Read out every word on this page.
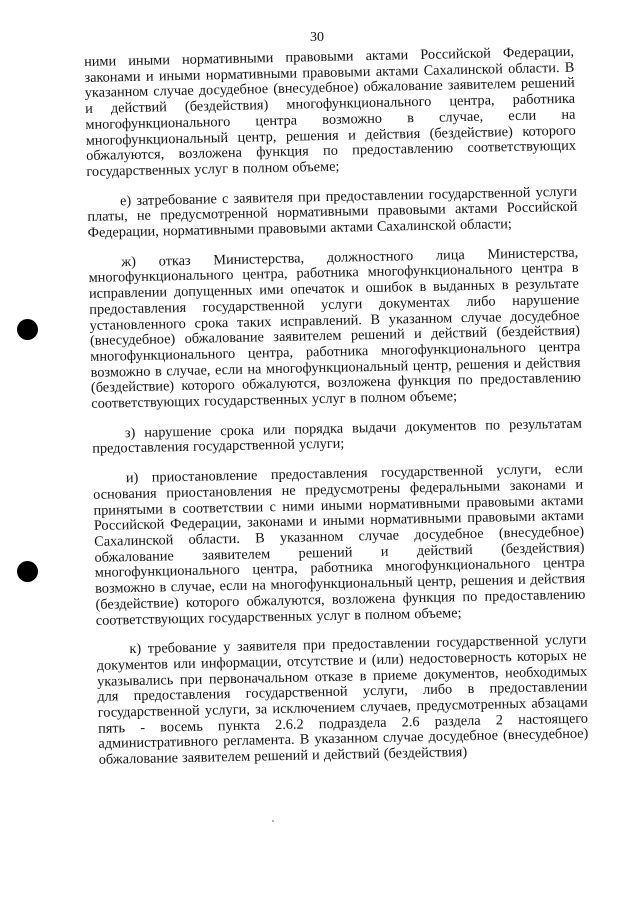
30

ними иными нормативными правовыми актами Российской Федерации, законами и иными нормативными правовыми актами Сахалинской области. В указанном случае досудебное (внесудебное) обжалование заявителем решений и действий (бездействия) многофункционального центра, работника многофункционального центра возможно в случае, если на многофункциональный центр, решения и действия (бездействие) которого обжалуются, возложена функция по предоставлению соответствующих государственных услуг в полном объеме;

е) затребование с заявителя при предоставлении государственной услуги платы, не предусмотренной нормативными правовыми актами Российской Федерации, нормативными правовыми актами Сахалинской области;

ж) отказ Министерства, должностного лица Министерства, многофункционального центра, работника многофункционального центра в исправлении допущенных ими опечаток и ошибок в выданных в результате предоставления государственной услуги документах либо нарушение установленного срока таких исправлений. В указанном случае досудебное (внесудебное) обжалование заявителем решений и действий (бездействия) многофункционального центра, работника многофункционального центра возможно в случае, если на многофункциональный центр, решения и действия (бездействие) которого обжалуются, возложена функция по предоставлению соответствующих государственных услуг в полном объеме;

з) нарушение срока или порядка выдачи документов по результатам предоставления государственной услуги;

и) приостановление предоставления государственной услуги, если основания приостановления не предусмотрены федеральными законами и принятыми в соответствии с ними иными нормативными правовыми актами Российской Федерации, законами и иными нормативными правовыми актами Сахалинской области. В указанном случае досудебное (внесудебное) обжалование заявителем решений и действий (бездействия) многофункционального центра, работника многофункционального центра возможно в случае, если на многофункциональный центр, решения и действия (бездействие) которого обжалуются, возложена функция по предоставлению соответствующих государственных услуг в полном объеме;

к) требование у заявителя при предоставлении государственной услуги документов или информации, отсутствие и (или) недостоверность которых не указывались при первоначальном отказе в приеме документов, необходимых для предоставления государственной услуги, либо в предоставлении государственной услуги, за исключением случаев, предусмотренных абзацами пять - восемь пункта 2.6.2 подраздела 2.6 раздела 2 настоящего административного регламента. В указанном случае досудебное (внесудебное) обжалование заявителем решений и действий (бездействия)
